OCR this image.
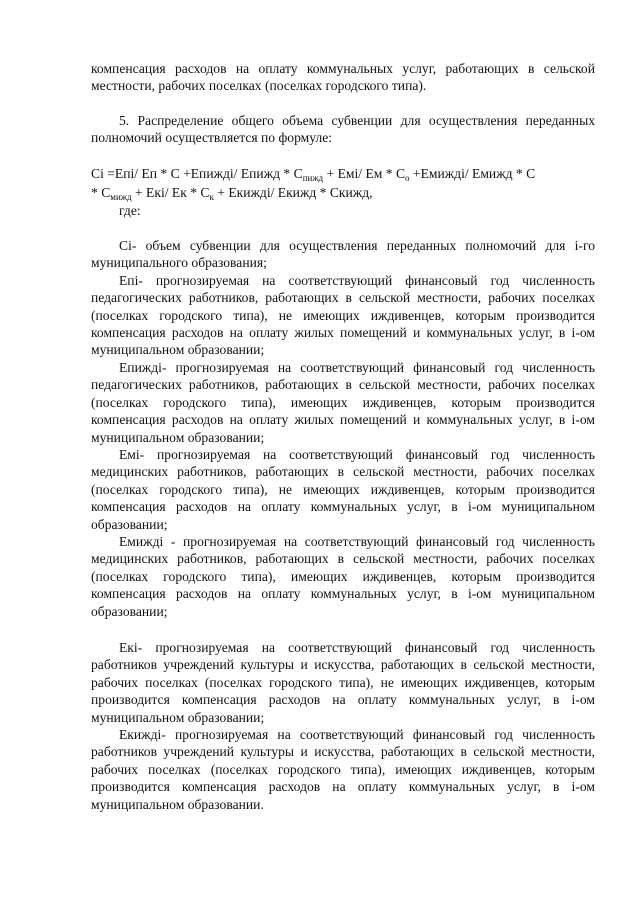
компенсация расходов на оплату коммунальных услуг, работающих в сельской местности, рабочих поселках (поселках городского типа).

5. Распределение общего объема субвенции для осуществления переданных полномочий осуществляется по формуле:

Сі =Епі/ Еп * С +Епижді/ Епижд * $С_{пижд} + Емі/$ Ем * $С_о$ +Емижді/ Емижд * С
* $С_{мижд} + Екі/$ Ек * $С_к$ + Екижді/ Екижд * Скижд,

где:

Сі- объем субвенции для осуществления переданных полномочий для і-го муниципального образования;

Епі- прогнозируемая на соответствующий финансовый год численность педагогических работников, работающих в сельской местности, рабочих поселках (поселках городского типа), не имеющих иждивенцев, которым производится компенсация расходов на оплату жилых помещений и коммунальных услуг, в і-ом муниципальном образовании;

Епижді- прогнозируемая на соответствующий финансовый год численность педагогических работников, работающих в сельской местности, рабочих поселках (поселках городского типа), имеющих иждивенцев, которым производится компенсация расходов на оплату жилых помещений и коммунальных услуг, в і-ом муниципальном образовании;

Емі- прогнозируемая на соответствующий финансовый год численность медицинских работников, работающих в сельской местности, рабочих поселках (поселках городского типа), не имеющих иждивенцев, которым производится компенсация расходов на оплату коммунальных услуг, в і-ом муниципальном образовании;

Емижді - прогнозируемая на соответствующий финансовый год численность медицинских работников, работающих в сельской местности, рабочих поселках (поселках городского типа), имеющих иждивенцев, которым производится компенсация расходов на оплату коммунальных услуг, в і-ом муниципальном образовании;

Екі- прогнозируемая на соответствующий финансовый год численность работников учреждений культуры и искусства, работающих в сельской местности, рабочих поселках (поселках городского типа), не имеющих иждивенцев, которым производится компенсация расходов на оплату коммунальных услуг, в і-ом муниципальном образовании;

Екижді- прогнозируемая на соответствующий финансовый год численность работников учреждений культуры и искусства, работающих в сельской местности, рабочих поселках (поселках городского типа), имеющих иждивенцев, которым производится компенсация расходов на оплату коммунальных услуг, в і-ом муниципальном образовании.
